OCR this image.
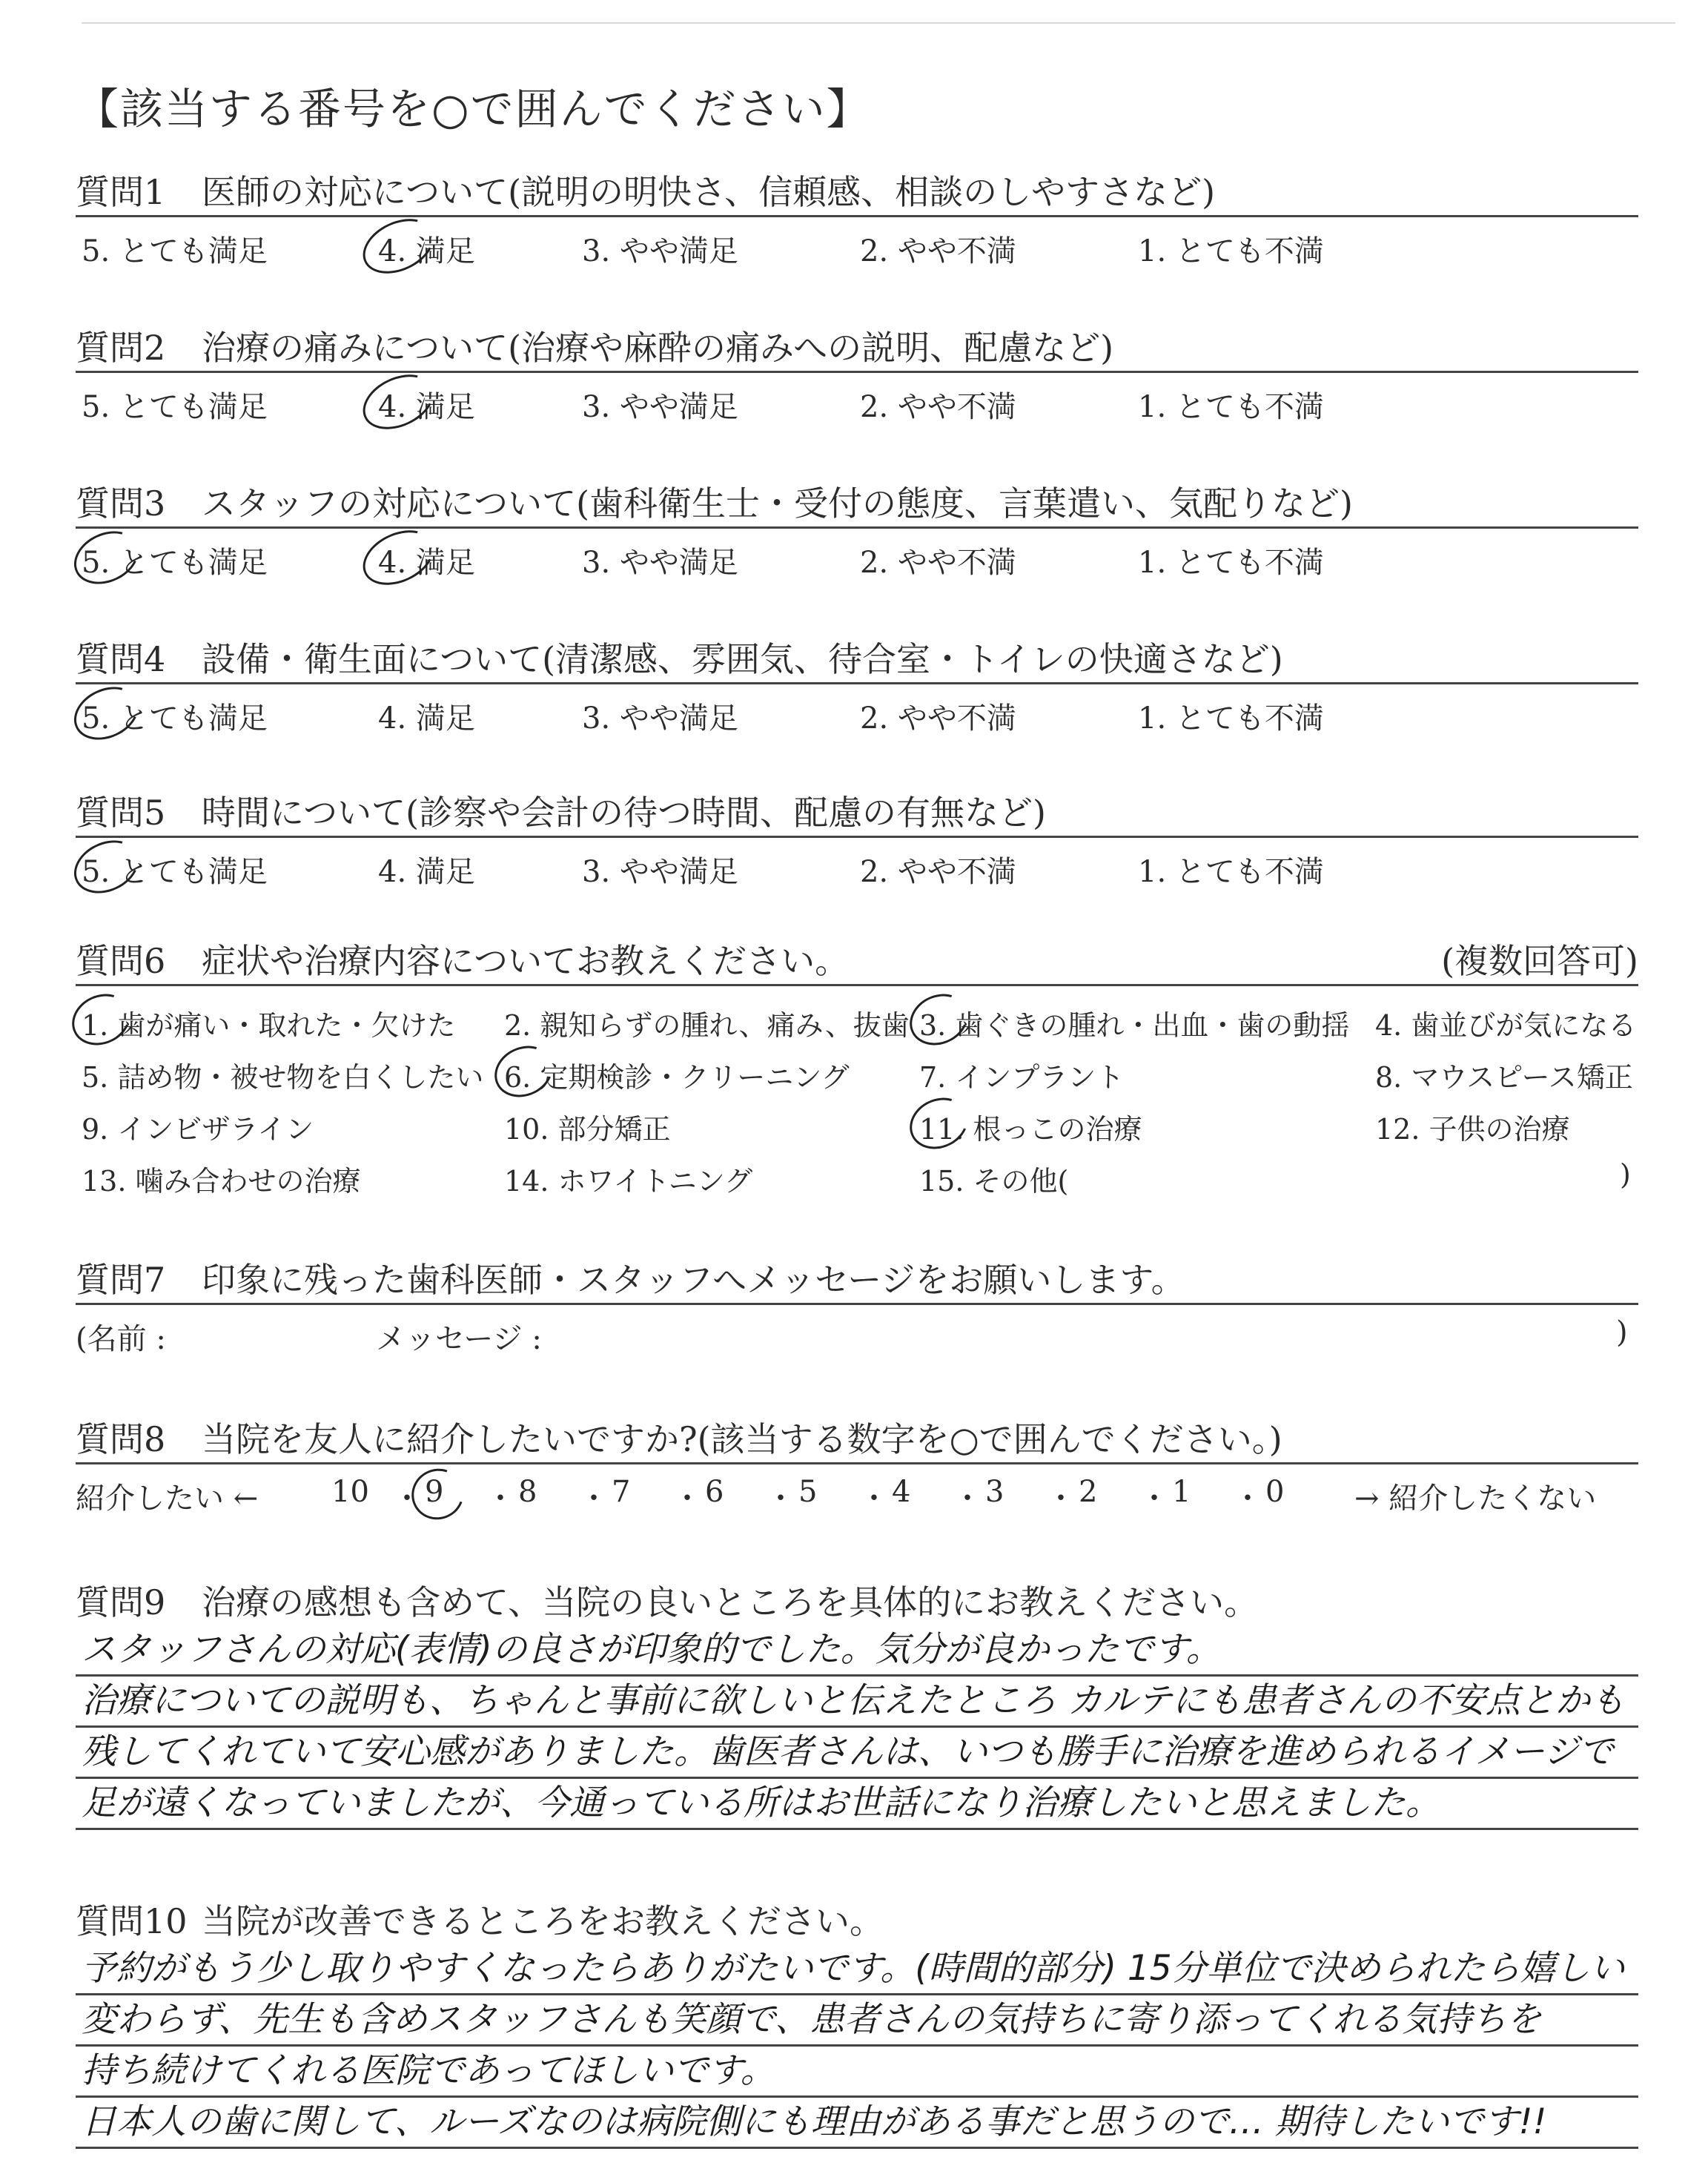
【該当する番号を○で囲んでください】
質問1 医師の対応について(説明の明快さ、信頼感、相談のしやすさなど)
5. とても満足	4. 満足	3. やや満足	2. やや不満	1. とても不満
質問2 治療の痛みについて(治療や麻酔の痛みへの説明、配慮など)
5. とても満足	4. 満足	3. やや満足	2. やや不満	1. とても不満
質問3 スタッフの対応について(歯科衛生士・受付の態度、言葉遣い、気配りなど)
5. とても満足	4. 満足	3. やや満足	2. やや不満	1. とても不満
質問4 設備・衛生面について(清潔感、雰囲気、待合室・トイレの快適さなど)
5. とても満足	4. 満足	3. やや満足	2. やや不満	1. とても不満
質問5 時間について(診察や会計の待つ時間、配慮の有無など)
5. とても満足	4. 満足	3. やや満足	2. やや不満	1. とても不満
質問6 症状や治療内容についてお教えください。	(複数回答可)
1. 歯が痛い・取れた・欠けた 2. 親知らずの腫れ、痛み、抜歯 3. 歯ぐきの腫れ・出血・歯の動揺 4. 歯並びが気になる
5. 詰め物・被せ物を白くしたい 6. 定期検診・クリーニング 7. インプラント	8. マウスピース矯正
9. インビザライン	10. 部分矯正	11. 根っこの治療	12. 子供の治療
13. 噛み合わせの治療	14. ホワイトニング	15. その他(	)
質問7 印象に残った歯科医師・スタッフへメッセージをお願いします。
(名前 :	メッセージ :	)
質問8 当院を友人に紹介したいですか?(該当する数字を○で囲んでください。)
紹介したい ←	→ 紹介したくない
10 ・ 9 ・ 8 ・ 7 ・ 6 ・ 5 ・ 4 ・ 3 ・ 2 ・ 1 ・ 0
質問9 治療の感想も含めて、当院の良いところを具体的にお教えください。
スタッフさんの対応(表情)の良さが印象的でした。気分が良かったです。
治療についての説明も、ちゃんと事前に欲しいと伝えたところ カルテにも患者さんの不安点とかも
残してくれていて安心感がありました。歯医者さんは、いつも勝手に治療を進められるイメージで
足が遠くなっていましたが、今通っている所はお世話になり治療したいと思えました。
質問10 当院が改善できるところをお教えください。
予約がもう少し取りやすくなったらありがたいです。(時間的部分) 15分単位で決められたら嬉しい
変わらず、先生も含めスタッフさんも笑顔で、患者さんの気持ちに寄り添ってくれる気持ちを
持ち続けてくれる医院であってほしいです。
日本人の歯に関して、ルーズなのは病院側にも理由がある事だと思うので… 期待したいです!!
